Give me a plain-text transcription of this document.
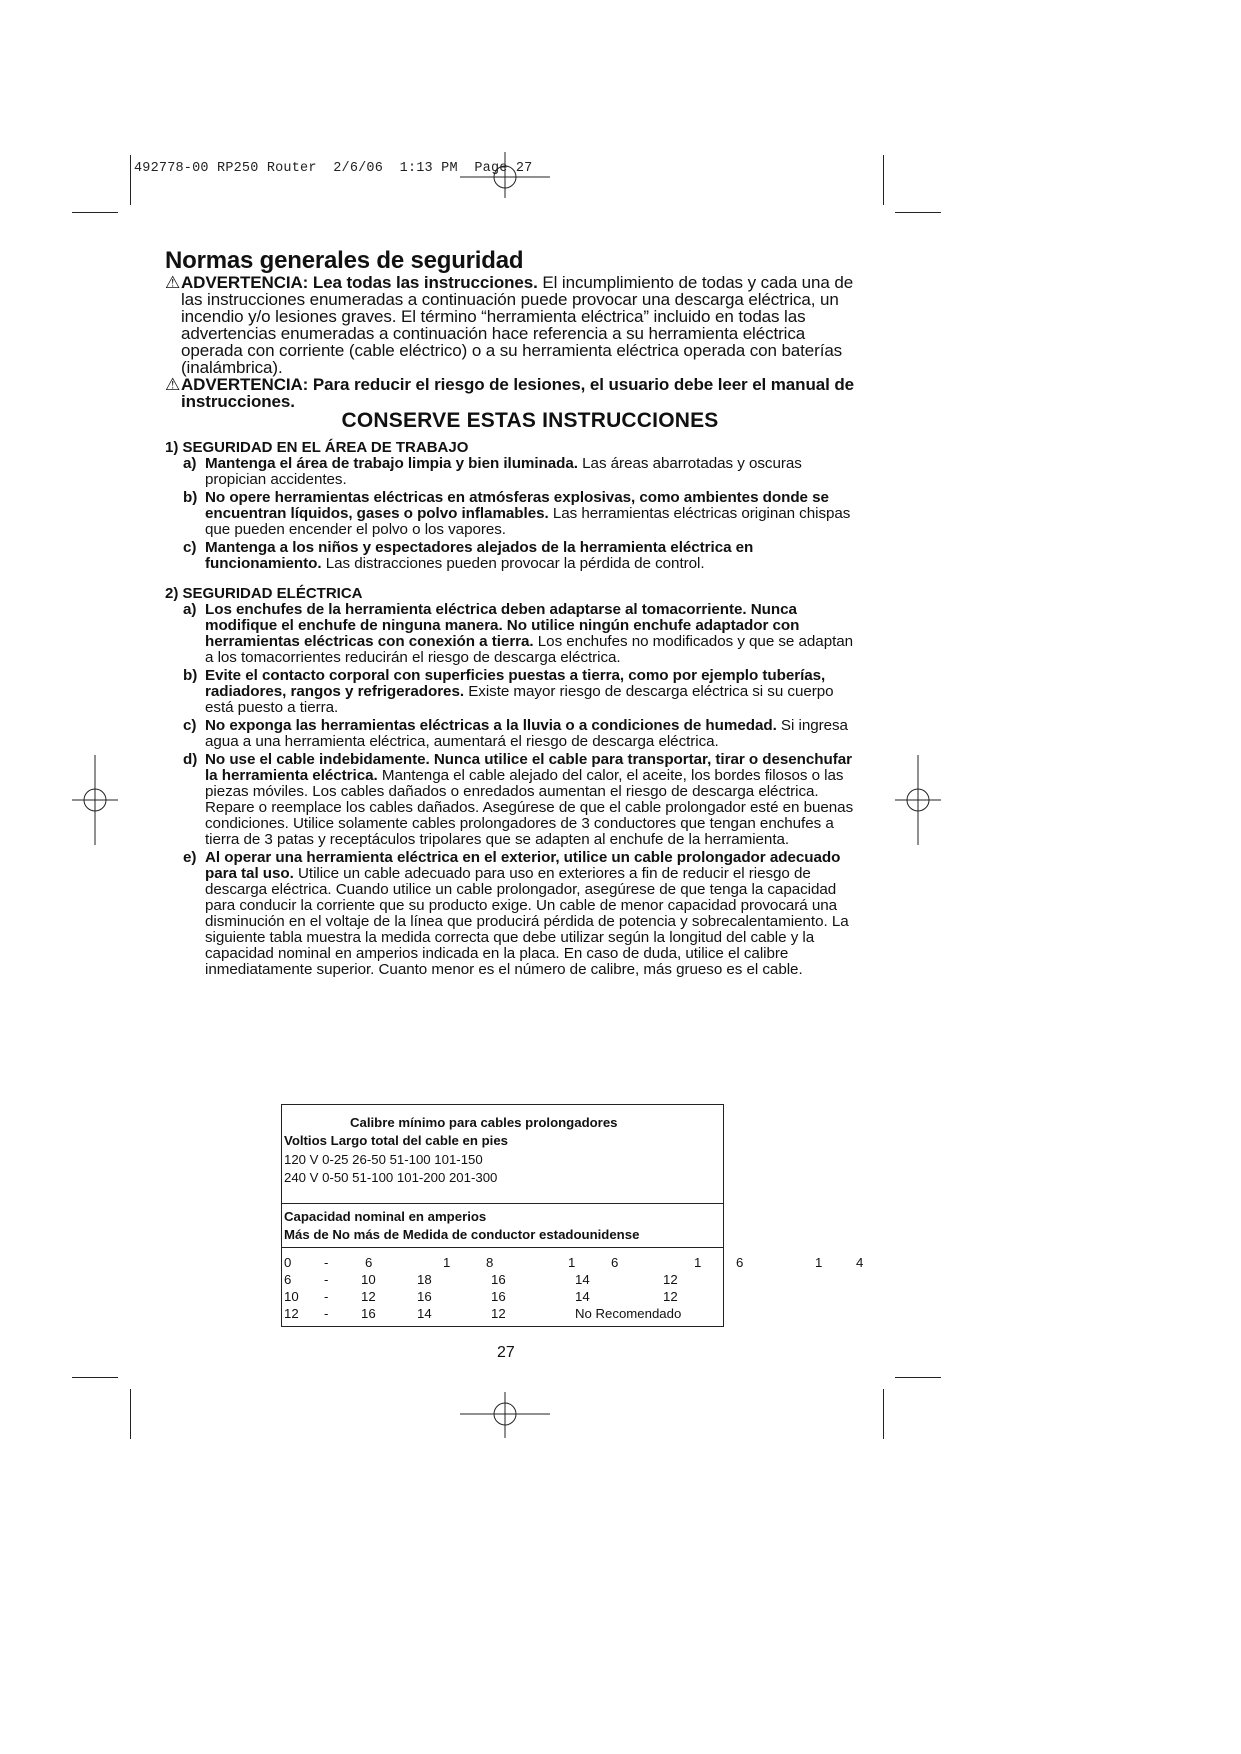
492778-00 RP250 Router  2/6/06  1:13 PM  Page 27
Normas generales de seguridad

⚠ADVERTENCIA: Lea todas las instrucciones. El incumplimiento de todas y cada una de las instrucciones enumeradas a continuación puede provocar una descarga eléctrica, un incendio y/o lesiones graves. El término “herramienta eléctrica” incluido en todas las advertencias enumeradas a continuación hace referencia a su herramienta eléctrica operada con corriente (cable eléctrico) o a su herramienta eléctrica operada con baterías (inalámbrica).

⚠ADVERTENCIA: Para reducir el riesgo de lesiones, el usuario debe leer el manual de instrucciones.

CONSERVE ESTAS INSTRUCCIONES

1) SEGURIDAD EN EL ÁREA DE TRABAJO

a) Mantenga el área de trabajo limpia y bien iluminada. Las áreas abarrotadas y oscuras propician accidentes.

b) No opere herramientas eléctricas en atmósferas explosivas, como ambientes donde se encuentran líquidos, gases o polvo inflamables. Las herramientas eléctricas originan chispas que pueden encender el polvo o los vapores.

c) Mantenga a los niños y espectadores alejados de la herramienta eléctrica en funcionamiento. Las distracciones pueden provocar la pérdida de control.

2) SEGURIDAD ELÉCTRICA

a) Los enchufes de la herramienta eléctrica deben adaptarse al tomacorriente. Nunca modifique el enchufe de ninguna manera. No utilice ningún enchufe adaptador con herramientas eléctricas con conexión a tierra. Los enchufes no modificados y que se adaptan a los tomacorrientes reducirán el riesgo de descarga eléctrica.

b) Evite el contacto corporal con superficies puestas a tierra, como por ejemplo tuberías, radiadores, rangos y refrigeradores. Existe mayor riesgo de descarga eléctrica si su cuerpo está puesto a tierra.

c) No exponga las herramientas eléctricas a la lluvia o a condiciones de humedad. Si ingresa agua a una herramienta eléctrica, aumentará el riesgo de descarga eléctrica.

d) No use el cable indebidamente. Nunca utilice el cable para transportar, tirar o desenchufar la herramienta eléctrica. Mantenga el cable alejado del calor, el aceite, los bordes filosos o las piezas móviles. Los cables dañados o enredados aumentan el riesgo de descarga eléctrica. Repare o reemplace los cables dañados. Asegúrese de que el cable prolongador esté en buenas condiciones. Utilice solamente cables prolongadores de 3 conductores que tengan enchufes a tierra de 3 patas y receptáculos tripolares que se adapten al enchufe de la herramienta.

e) Al operar una herramienta eléctrica en el exterior, utilice un cable prolongador adecuado para tal uso. Utilice un cable adecuado para uso en exteriores a fin de reducir el riesgo de descarga eléctrica. Cuando utilice un cable prolongador, asegúrese de que tenga la capacidad para conducir la corriente que su producto exige. Un cable de menor capacidad provocará una disminución en el voltaje de la línea que producirá pérdida de potencia y sobrecalentamiento. La siguiente tabla muestra la medida correcta que debe utilizar según la longitud del cable y la capacidad nominal en amperios indicada en la placa. En caso de duda, utilice el calibre inmediatamente superior. Cuanto menor es el número de calibre, más grueso es el cable.

Calibre mínimo para cables prolongadores
Voltios Largo total del cable en pies
120 V 0-25 26-50 51-100 101-150
240 V 0-50 51-100 101-200 201-300
Capacidad nominal en amperios
Más de No más de Medida de conductor estadounidense
0 -	6	1	8	1	6	1	6	1	4
6 - 10	18	16	14	12
10 - 12	16	16	14	12
12 - 16	14	12	No Recomendado
27
